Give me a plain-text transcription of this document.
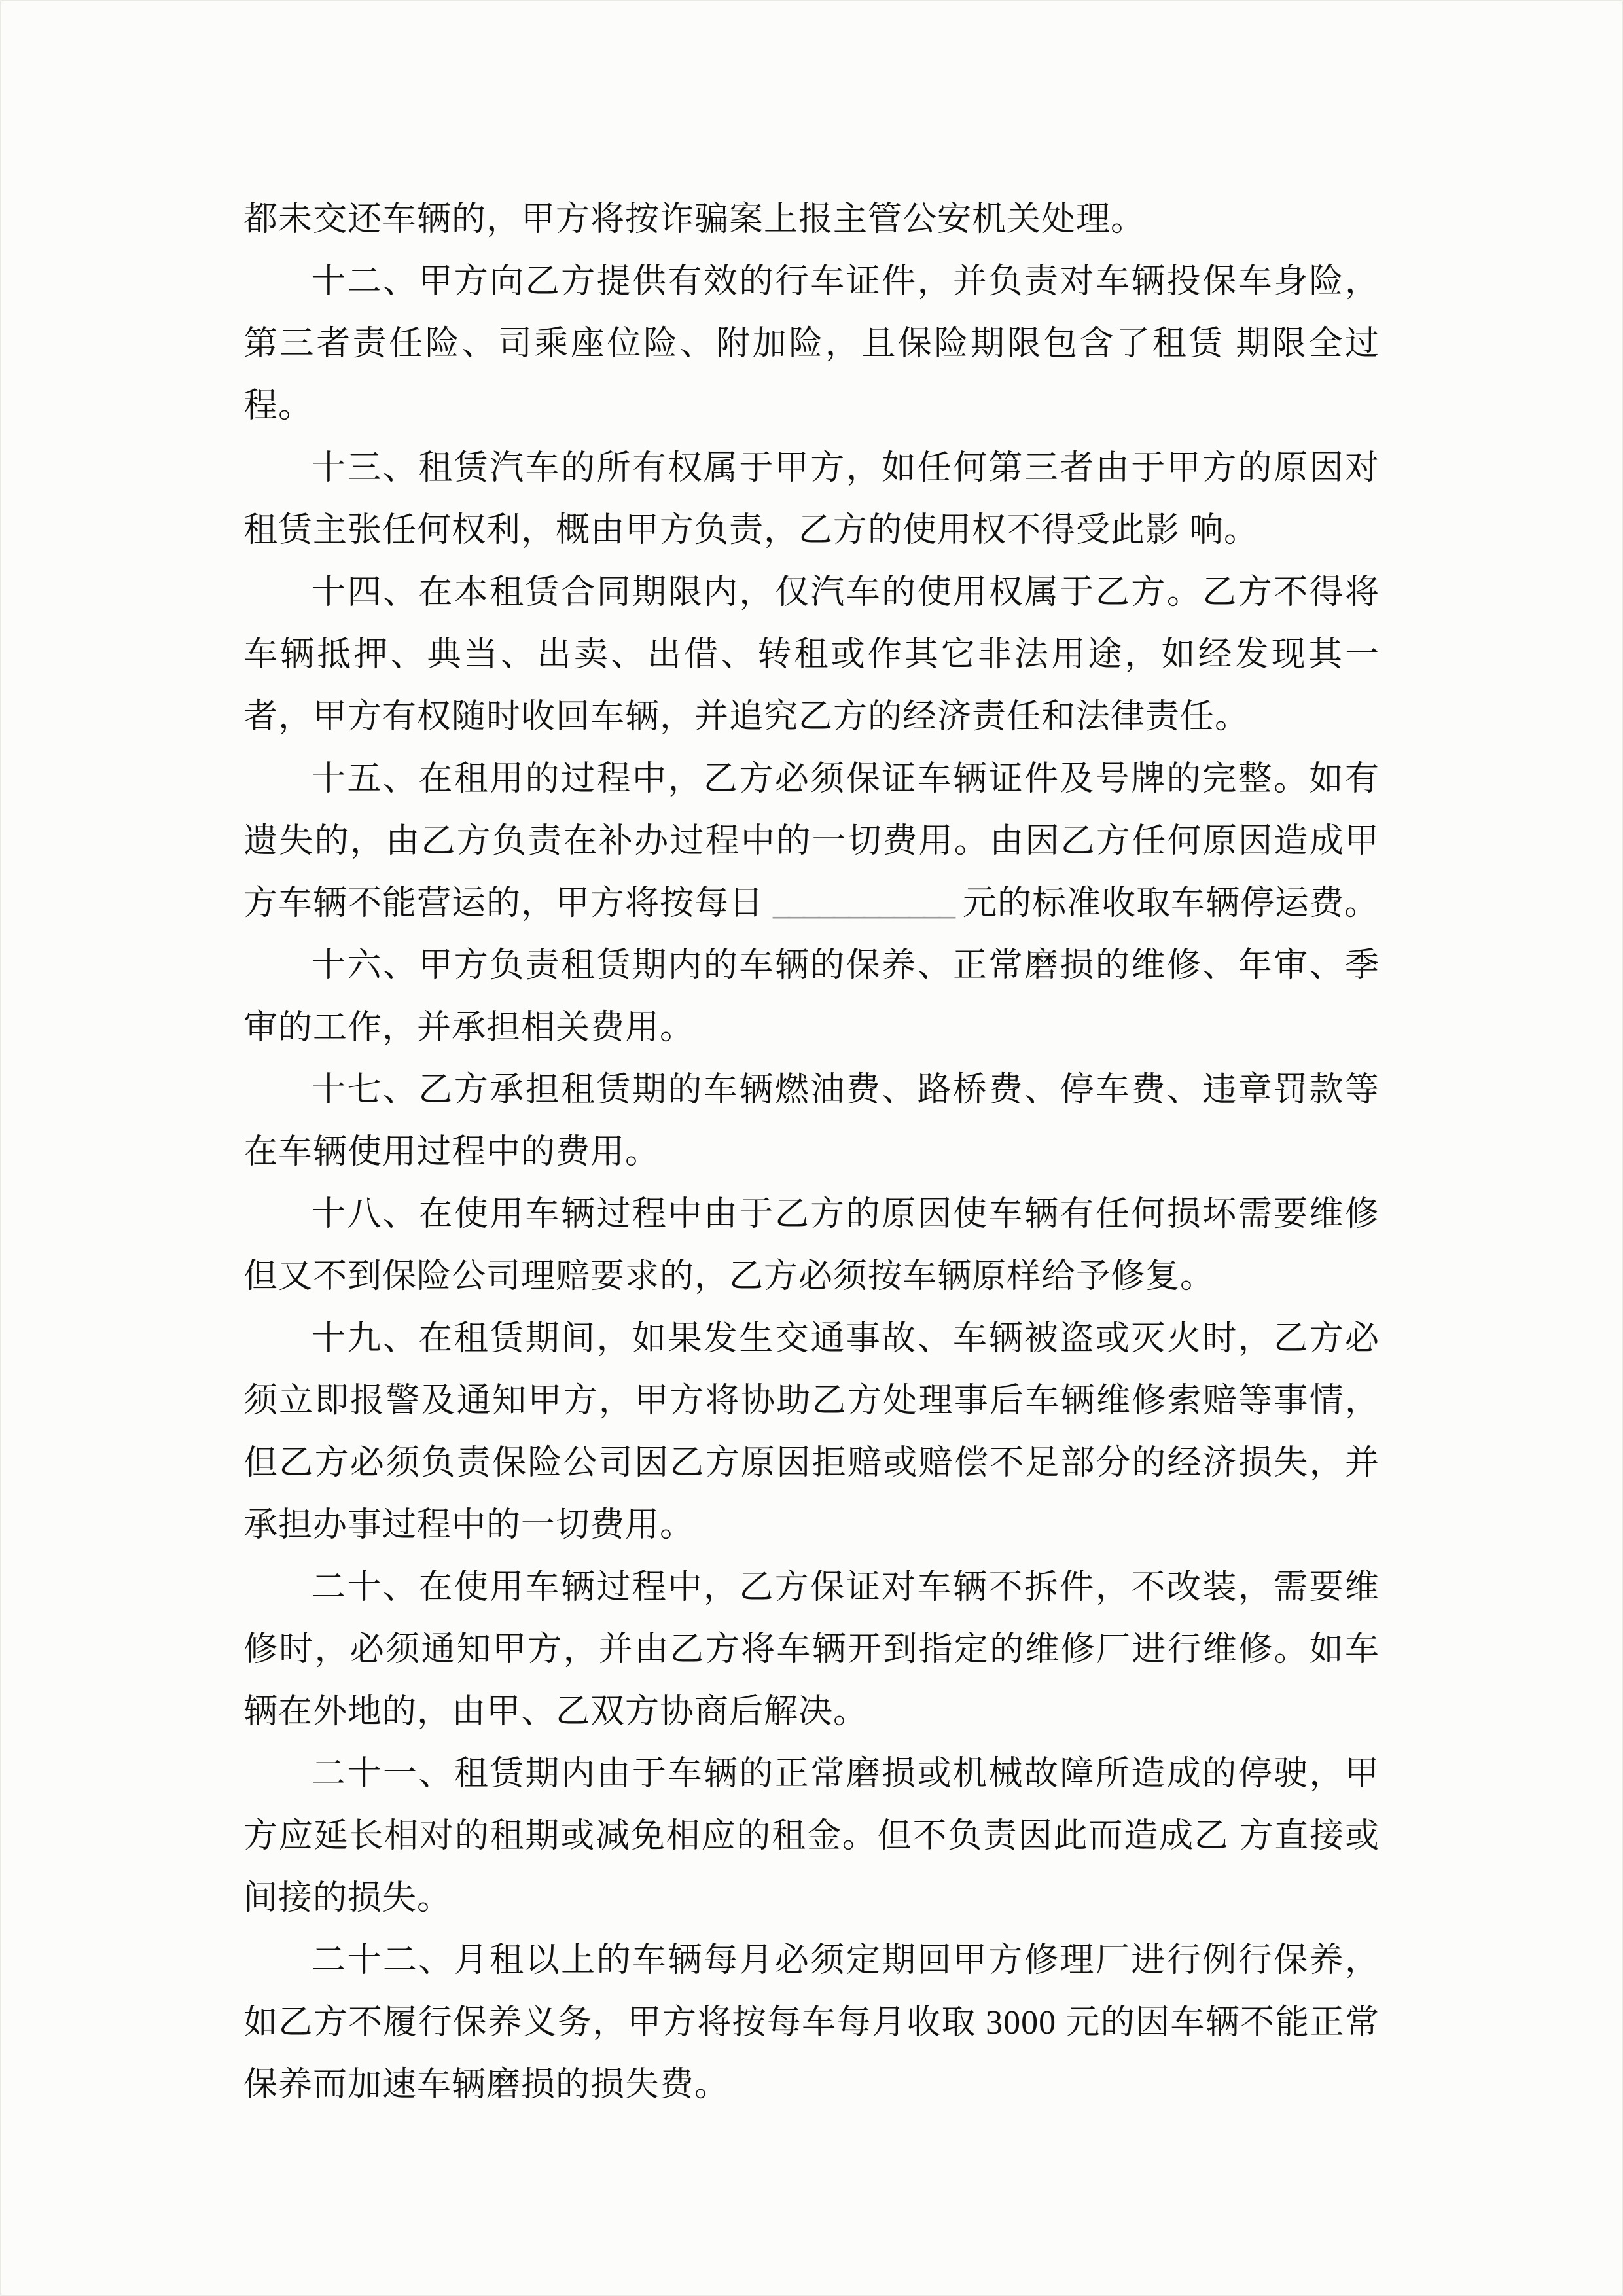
都未交还车辆的，甲方将按诈骗案上报主管公安机关处理。

十二、甲方向乙方提供有效的行车证件，并负责对车辆投保车身险，第三者责任险、司乘座位险、附加险，且保险期限包含了租赁 期限全过程。

十三、租赁汽车的所有权属于甲方，如任何第三者由于甲方的原因对租赁主张任何权利，概由甲方负责，乙方的使用权不得受此影 响。

十四、在本租赁合同期限内，仅汽车的使用权属于乙方。乙方不得将车辆抵押、典当、出卖、出借、转租或作其它非法用途，如经发现其一者，甲方有权随时收回车辆，并追究乙方的经济责任和法律责任。

十五、在租用的过程中，乙方必须保证车辆证件及号牌的完整。如有遗失的，由乙方负责在补办过程中的一切费用。由因乙方任何原因造成甲方车辆不能营运的，甲方将按每日 ____________ 元的标准收取车辆停运费。

十六、甲方负责租赁期内的车辆的保养、正常磨损的维修、年审、季审的工作，并承担相关费用。

十七、乙方承担租赁期的车辆燃油费、路桥费、停车费、违章罚款等在车辆使用过程中的费用。

十八、在使用车辆过程中由于乙方的原因使车辆有任何损坏需要维修但又不到保险公司理赔要求的，乙方必须按车辆原样给予修复。

十九、在租赁期间，如果发生交通事故、车辆被盗或灭火时，乙方必须立即报警及通知甲方，甲方将协助乙方处理事后车辆维修索赔等事情，但乙方必须负责保险公司因乙方原因拒赔或赔偿不足部分的经济损失，并承担办事过程中的一切费用。

二十、在使用车辆过程中，乙方保证对车辆不拆件，不改装，需要维修时，必须通知甲方，并由乙方将车辆开到指定的维修厂进行维修。如车辆在外地的，由甲、乙双方协商后解决。

二十一、租赁期内由于车辆的正常磨损或机械故障所造成的停驶，甲方应延长相对的租期或减免相应的租金。但不负责因此而造成乙 方直接或间接的损失。

二十二、月租以上的车辆每月必须定期回甲方修理厂进行例行保养，如乙方不履行保养义务，甲方将按每车每月收取 3000 元的因车辆不能正常保养而加速车辆磨损的损失费。
